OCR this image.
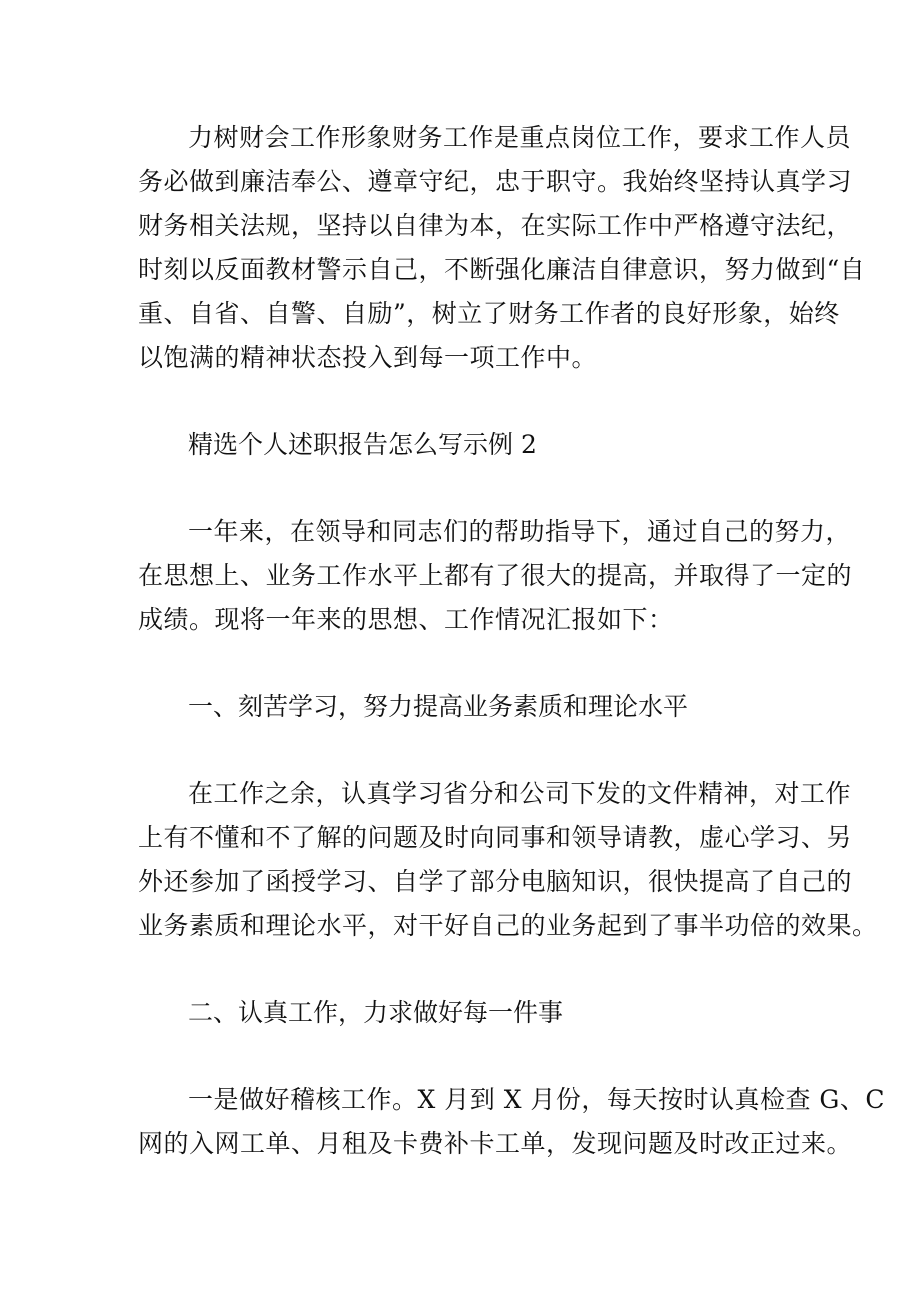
力树财会工作形象财务工作是重点岗位工作，要求工作人员
务必做到廉洁奉公、遵章守纪，忠于职守。我始终坚持认真学习
财务相关法规，坚持以自律为本，在实际工作中严格遵守法纪，
时刻以反面教材警示自己，不断强化廉洁自律意识，努力做到“自
重、自省、自警、自励”，树立了财务工作者的良好形象，始终
以饱满的精神状态投入到每一项工作中。

精选个人述职报告怎么写示例 2

一年来，在领导和同志们的帮助指导下，通过自己的努力，
在思想上、业务工作水平上都有了很大的提高，并取得了一定的
成绩。现将一年来的思想、工作情况汇报如下：

一、刻苦学习，努力提高业务素质和理论水平

在工作之余，认真学习省分和公司下发的文件精神，对工作
上有不懂和不了解的问题及时向同事和领导请教，虚心学习、另
外还参加了函授学习、自学了部分电脑知识，很快提高了自己的
业务素质和理论水平，对干好自己的业务起到了事半功倍的效果。

二、认真工作，力求做好每一件事

一是做好稽核工作。X 月到 X 月份，每天按时认真检查 G、C
网的入网工单、月租及卡费补卡工单，发现问题及时改正过来。
